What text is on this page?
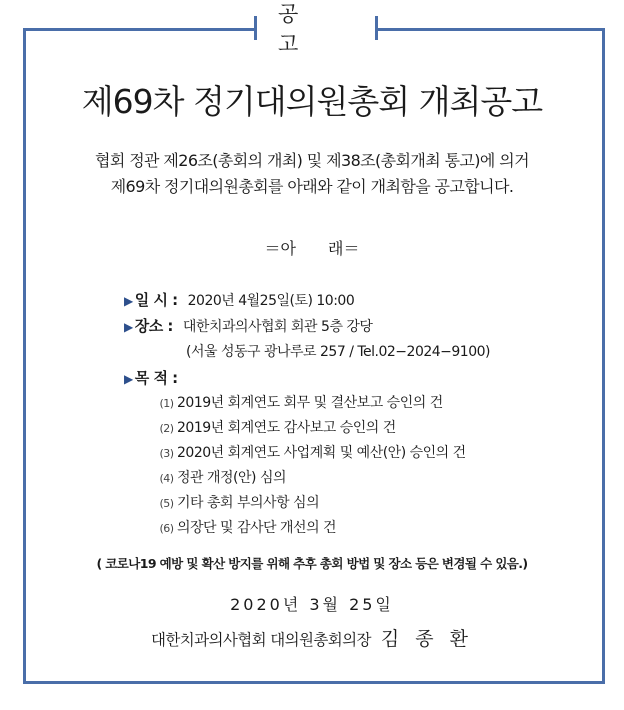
공 고
제69차 정기대의원총회 개최공고
협회 정관 제26조(총회의 개최) 및 제38조(총회개최 통고)에 의거
제69차 정기대의원총회를 아래와 같이 개최함을 공고합니다.
＝아　　래＝
▶ 일 시 : 2020년 4월25일(토) 10:00
▶ 장소 : 대한치과의사협회 회관 5층 강당
(서울 성동구 광나루로 257 / Tel.02−2024−9100)
▶ 목 적 :
(1) 2019년 회계연도 회무 및 결산보고 승인의 건
(2) 2019년 회계연도 감사보고 승인의 건
(3) 2020년 회계연도 사업계획 및 예산(안) 승인의 건
(4) 정관 개정(안) 심의
(5) 기타 총회 부의사항 심의
(6) 의장단 및 감사단 개선의 건
( 코로나19 예방 및 확산 방지를 위해 추후 총회 방법 및 장소 등은 변경될 수 있음.)
2020년 3월 25일
대한치과의사협회 대의원총회의장 김 종 환
